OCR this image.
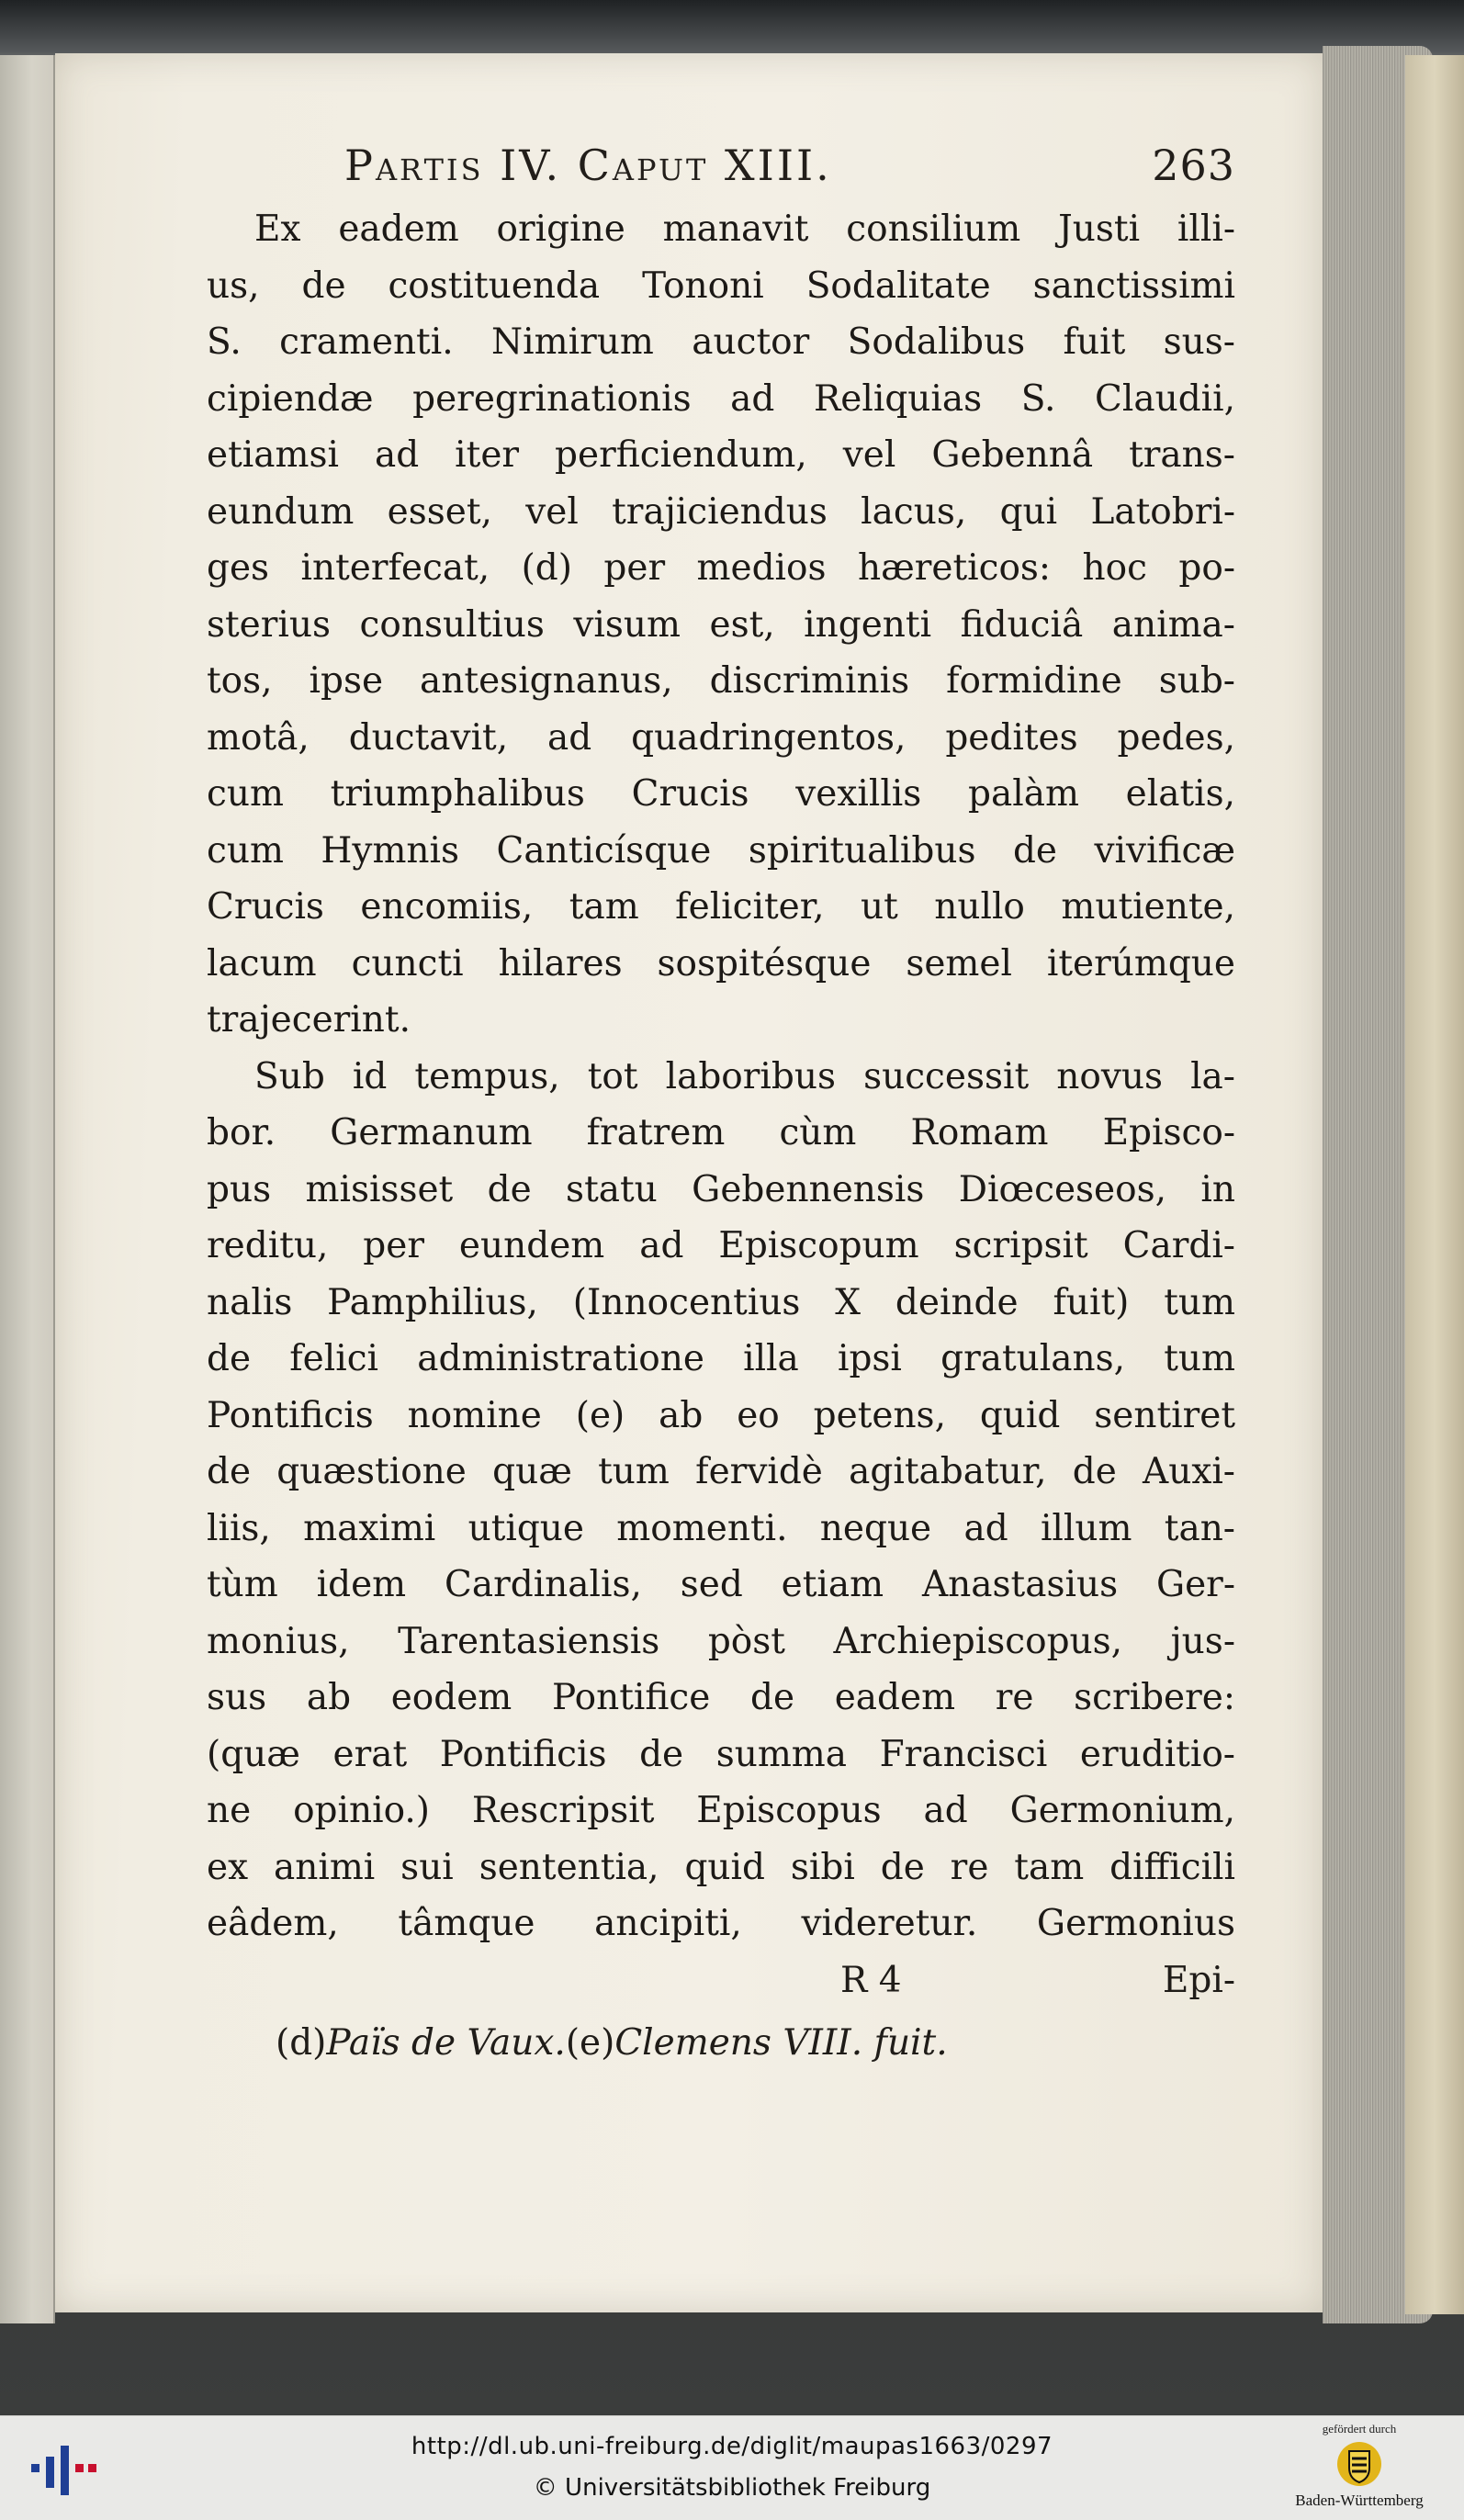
Partis IV. Caput XIII.	263

Ex eadem origine manavit consilium Justi illi-
us, de costituenda Tononi Sodalitate sanctissimi
S. cramenti. Nimirum auctor Sodalibus fuit sus-
cipiendæ peregrinationis ad Reliquias S. Claudii,
etiamsi ad iter perficiendum, vel Gebennâ trans-
eundum esset, vel trajiciendus lacus, qui Latobri-
ges interfecat, (d) per medios hæreticos: hoc po-
sterius consultius visum est, ingenti fiduciâ anima-
tos, ipse antesignanus, discriminis formidine sub-
motâ, ductavit, ad quadringentos, pedites pedes,
cum triumphalibus Crucis vexillis palàm elatis,
cum Hymnis Canticísque spiritualibus de vivificæ
Crucis encomiis, tam feliciter, ut nullo mutiente,
lacum cuncti hilares sospitésque semel iterúmque
trajecerint.

Sub id tempus, tot laboribus successit novus la-
bor. Germanum fratrem cùm Romam Episco-
pus misisset de statu Gebennensis Diœceseos, in
reditu, per eundem ad Episcopum scripsit Cardi-
nalis Pamphilius, (Innocentius X deinde fuit) tum
de felici administratione illa ipsi gratulans, tum
Pontificis nomine (e) ab eo petens, quid sentiret
de quæstione quæ tum fervidè agitabatur, de Auxi-
liis, maximi utique momenti. neque ad illum tan-
tùm idem Cardinalis, sed etiam Anastasius Ger-
monius, Tarentasiensis pòst Archiepiscopus, jus-
sus ab eodem Pontifice de eadem re scribere:
(quæ erat Pontificis de summa Francisci eruditio-
ne opinio.) Rescripsit Episcopus ad Germonium,
ex animi sui sententia, quid sibi de re tam difficili
eâdem, tâmque ancipiti, videretur. Germonius

R 4	Epi-
(d)Païs de Vaux.(e)Clemens VIII. fuit.
http://dl.ub.uni-freiburg.de/diglit/maupas1663/0297
© Universitätsbibliothek Freiburg
gefördert durch
Baden-Württemberg
